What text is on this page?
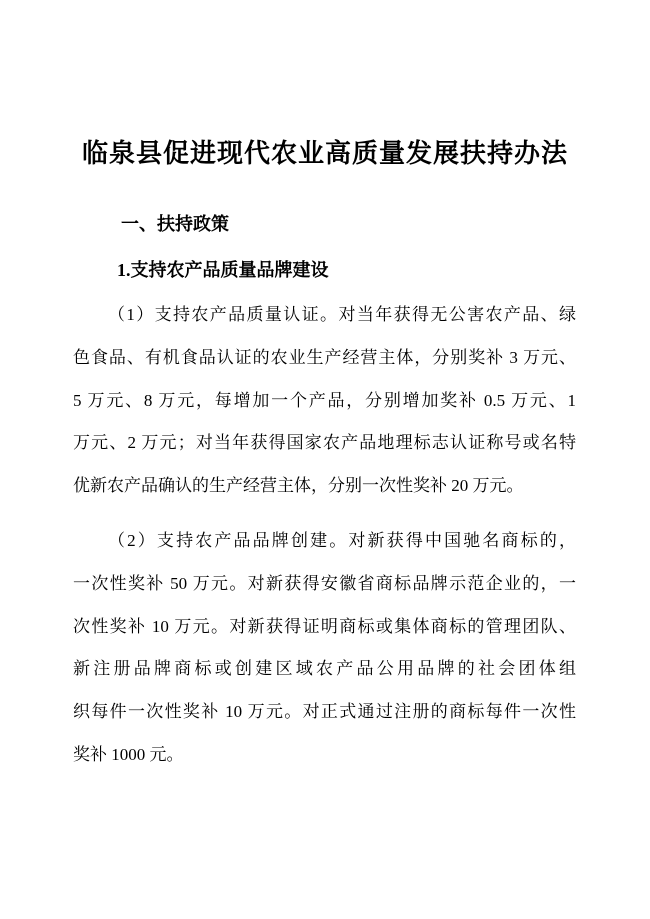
临泉县促进现代农业高质量发展扶持办法
一、扶持政策
1.支持农产品质量品牌建设
（1）支持农产品质量认证。对当年获得无公害农产品、绿
色食品、有机食品认证的农业生产经营主体，分别奖补 3 万元、
5 万元、8 万元，每增加一个产品，分别增加奖补 0.5 万元、1
万元、2 万元；对当年获得国家农产品地理标志认证称号或名特
优新农产品确认的生产经营主体，分别一次性奖补 20 万元。
（2）支持农产品品牌创建。对新获得中国驰名商标的，
一次性奖补 50 万元。对新获得安徽省商标品牌示范企业的，一
次性奖补 10 万元。对新获得证明商标或集体商标的管理团队、
新注册品牌商标或创建区域农产品公用品牌的社会团体组
织每件一次性奖补 10 万元。对正式通过注册的商标每件一次性
奖补 1000 元。
